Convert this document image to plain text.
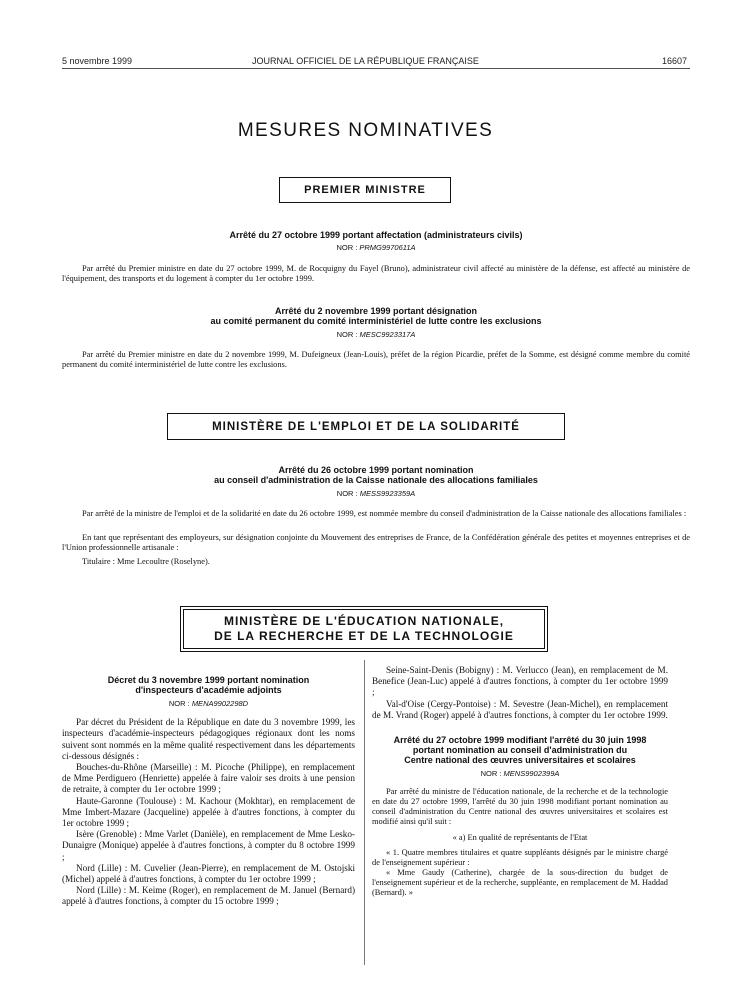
5 novembre 1999	JOURNAL OFFICIEL DE LA RÉPUBLIQUE FRANÇAISE	16607
MESURES NOMINATIVES
PREMIER MINISTRE
Arrêté du 27 octobre 1999 portant affectation (administrateurs civils)
NOR : PRMG9970611A

Par arrêté du Premier ministre en date du 27 octobre 1999, M. de Rocquigny du Fayel (Bruno), administrateur civil affecté au ministère de la défense, est affecté au ministère de l'équipement, des transports et du logement à compter du 1er octobre 1999.

Arrêté du 2 novembre 1999 portant désignation
au comité permanent du comité interministériel de lutte contre les exclusions
NOR : MESC9923317A

Par arrêté du Premier ministre en date du 2 novembre 1999, M. Dufeigneux (Jean-Louis), préfet de la région Picardie, préfet de la Somme, est désigné comme membre du comité permanent du comité interministériel de lutte contre les exclusions.

MINISTÈRE DE L'EMPLOI ET DE LA SOLIDARITÉ
Arrêté du 26 octobre 1999 portant nomination
au conseil d'administration de la Caisse nationale des allocations familiales
NOR : MESS9923359A

Par arrêté de la ministre de l'emploi et de la solidarité en date du 26 octobre 1999, est nommée membre du conseil d'administration de la Caisse nationale des allocations familiales :

En tant que représentant des employeurs, sur désignation conjointe du Mouvement des entreprises de France, de la Confédération générale des petites et moyennes entreprises et de l'Union professionnelle artisanale :

Titulaire : Mme Lecoultre (Roselyne).

MINISTÈRE DE L'ÉDUCATION NATIONALE,
DE LA RECHERCHE ET DE LA TECHNOLOGIE
Décret du 3 novembre 1999 portant nomination
d'inspecteurs d'académie adjoints
NOR : MENA9902298D

Par décret du Président de la République en date du 3 novembre 1999, les inspecteurs d'académie-inspecteurs pédagogiques régionaux dont les noms suivent sont nommés en la même qualité respectivement dans les départements ci-dessous désignés :

Bouches-du-Rhône (Marseille) : M. Picoche (Philippe), en remplacement de Mme Perdiguero (Henriette) appelée à faire valoir ses droits à une pension de retraite, à compter du 1er octobre 1999 ;

Haute-Garonne (Toulouse) : M. Kachour (Mokhtar), en remplacement de Mme Imbert-Mazare (Jacqueline) appelée à d'autres fonctions, à compter du 1er octobre 1999 ;

Isère (Grenoble) : Mme Varlet (Danièle), en remplacement de Mme Lesko-Dunaigre (Monique) appelée à d'autres fonctions, à compter du 8 octobre 1999 ;

Nord (Lille) : M. Cuvelier (Jean-Pierre), en remplacement de M. Ostojski (Michel) appelé à d'autres fonctions, à compter du 1er octobre 1999 ;

Nord (Lille) : M. Keime (Roger), en remplacement de M. Januel (Bernard) appelé à d'autres fonctions, à compter du 15 octobre 1999 ;

Seine-Saint-Denis (Bobigny) : M. Verlucco (Jean), en remplacement de M. Benefice (Jean-Luc) appelé à d'autres fonctions, à compter du 1er octobre 1999 ;

Val-d'Oise (Cergy-Pontoise) : M. Sevestre (Jean-Michel), en remplacement de M. Vrand (Roger) appelé à d'autres fonctions, à compter du 1er octobre 1999.

Arrêté du 27 octobre 1999 modifiant l'arrêté du 30 juin 1998
portant nomination au conseil d'administration du
Centre national des œuvres universitaires et scolaires
NOR : MENS9902399A

Par arrêté du ministre de l'éducation nationale, de la recherche et de la technologie en date du 27 octobre 1999, l'arrêté du 30 juin 1998 modifiant portant nomination au conseil d'administration du Centre national des œuvres universitaires et scolaires est modifié ainsi qu'il suit :

« a) En qualité de représentants de l'Etat

« 1. Quatre membres titulaires et quatre suppléants désignés par le ministre chargé de l'enseignement supérieur :

« Mme Gaudy (Catherine), chargée de la sous-direction du budget de l'enseignement supérieur et de la recherche, suppléante, en remplacement de M. Haddad (Bernard). »
